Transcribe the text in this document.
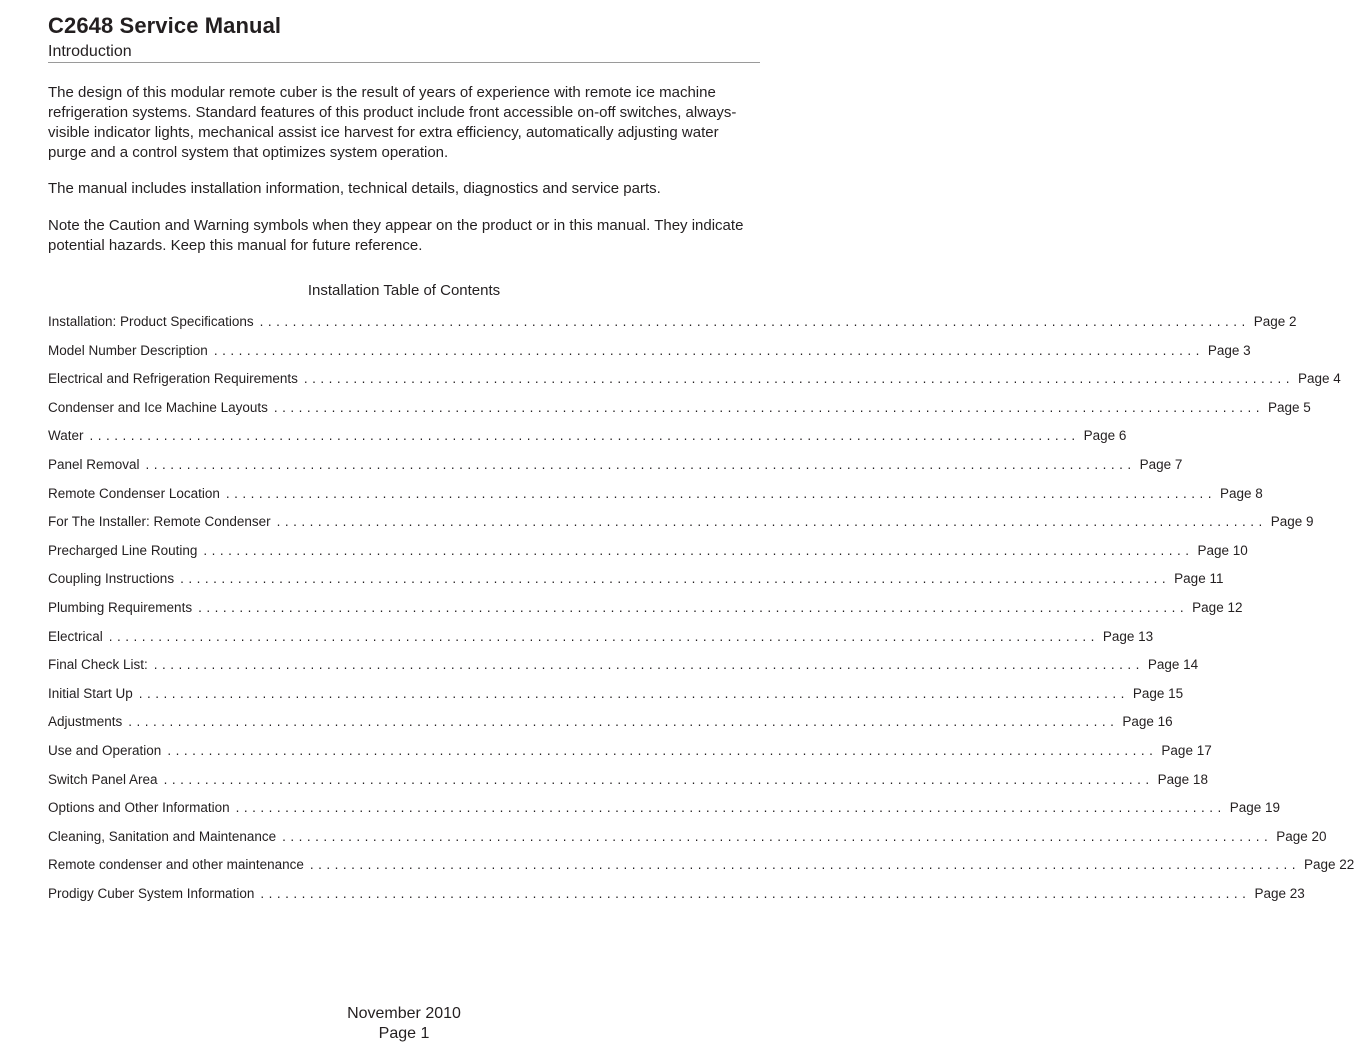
C2648 Service Manual
Introduction

The design of this modular remote cuber is the result of years of experience with remote ice machine refrigeration systems. Standard features of this product include front accessible on-off switches, always-visible indicator lights, mechanical assist ice harvest for extra efficiency, automatically adjusting water purge and a control system that optimizes system operation.

The manual includes installation information, technical details, diagnostics and service parts.

Note the Caution and Warning symbols when they appear on the product or in this manual. They indicate potential hazards. Keep this manual for future reference.

Installation Table of Contents
Installation: Product Specifications ........................................................................................................................ Page 2
Model Number Description ........................................................................................................................ Page 3
Electrical and Refrigeration Requirements ........................................................................................................................ Page 4
Condenser and Ice Machine Layouts ........................................................................................................................ Page 5
Water ........................................................................................................................ Page 6
Panel Removal ........................................................................................................................ Page 7
Remote Condenser Location ........................................................................................................................ Page 8
For The Installer: Remote Condenser ........................................................................................................................ Page 9
Precharged Line Routing ........................................................................................................................ Page 10
Coupling Instructions ........................................................................................................................ Page 11
Plumbing Requirements ........................................................................................................................ Page 12
Electrical ........................................................................................................................ Page 13
Final Check List: ........................................................................................................................ Page 14
Initial Start Up ........................................................................................................................ Page 15
Adjustments ........................................................................................................................ Page 16
Use and Operation ........................................................................................................................ Page 17
Switch Panel Area ........................................................................................................................ Page 18
Options and Other Information ........................................................................................................................ Page 19
Cleaning, Sanitation and Maintenance ........................................................................................................................ Page 20
Remote condenser and other maintenance ........................................................................................................................ Page 22
Prodigy Cuber System Information ........................................................................................................................ Page 23
November 2010
Page 1
